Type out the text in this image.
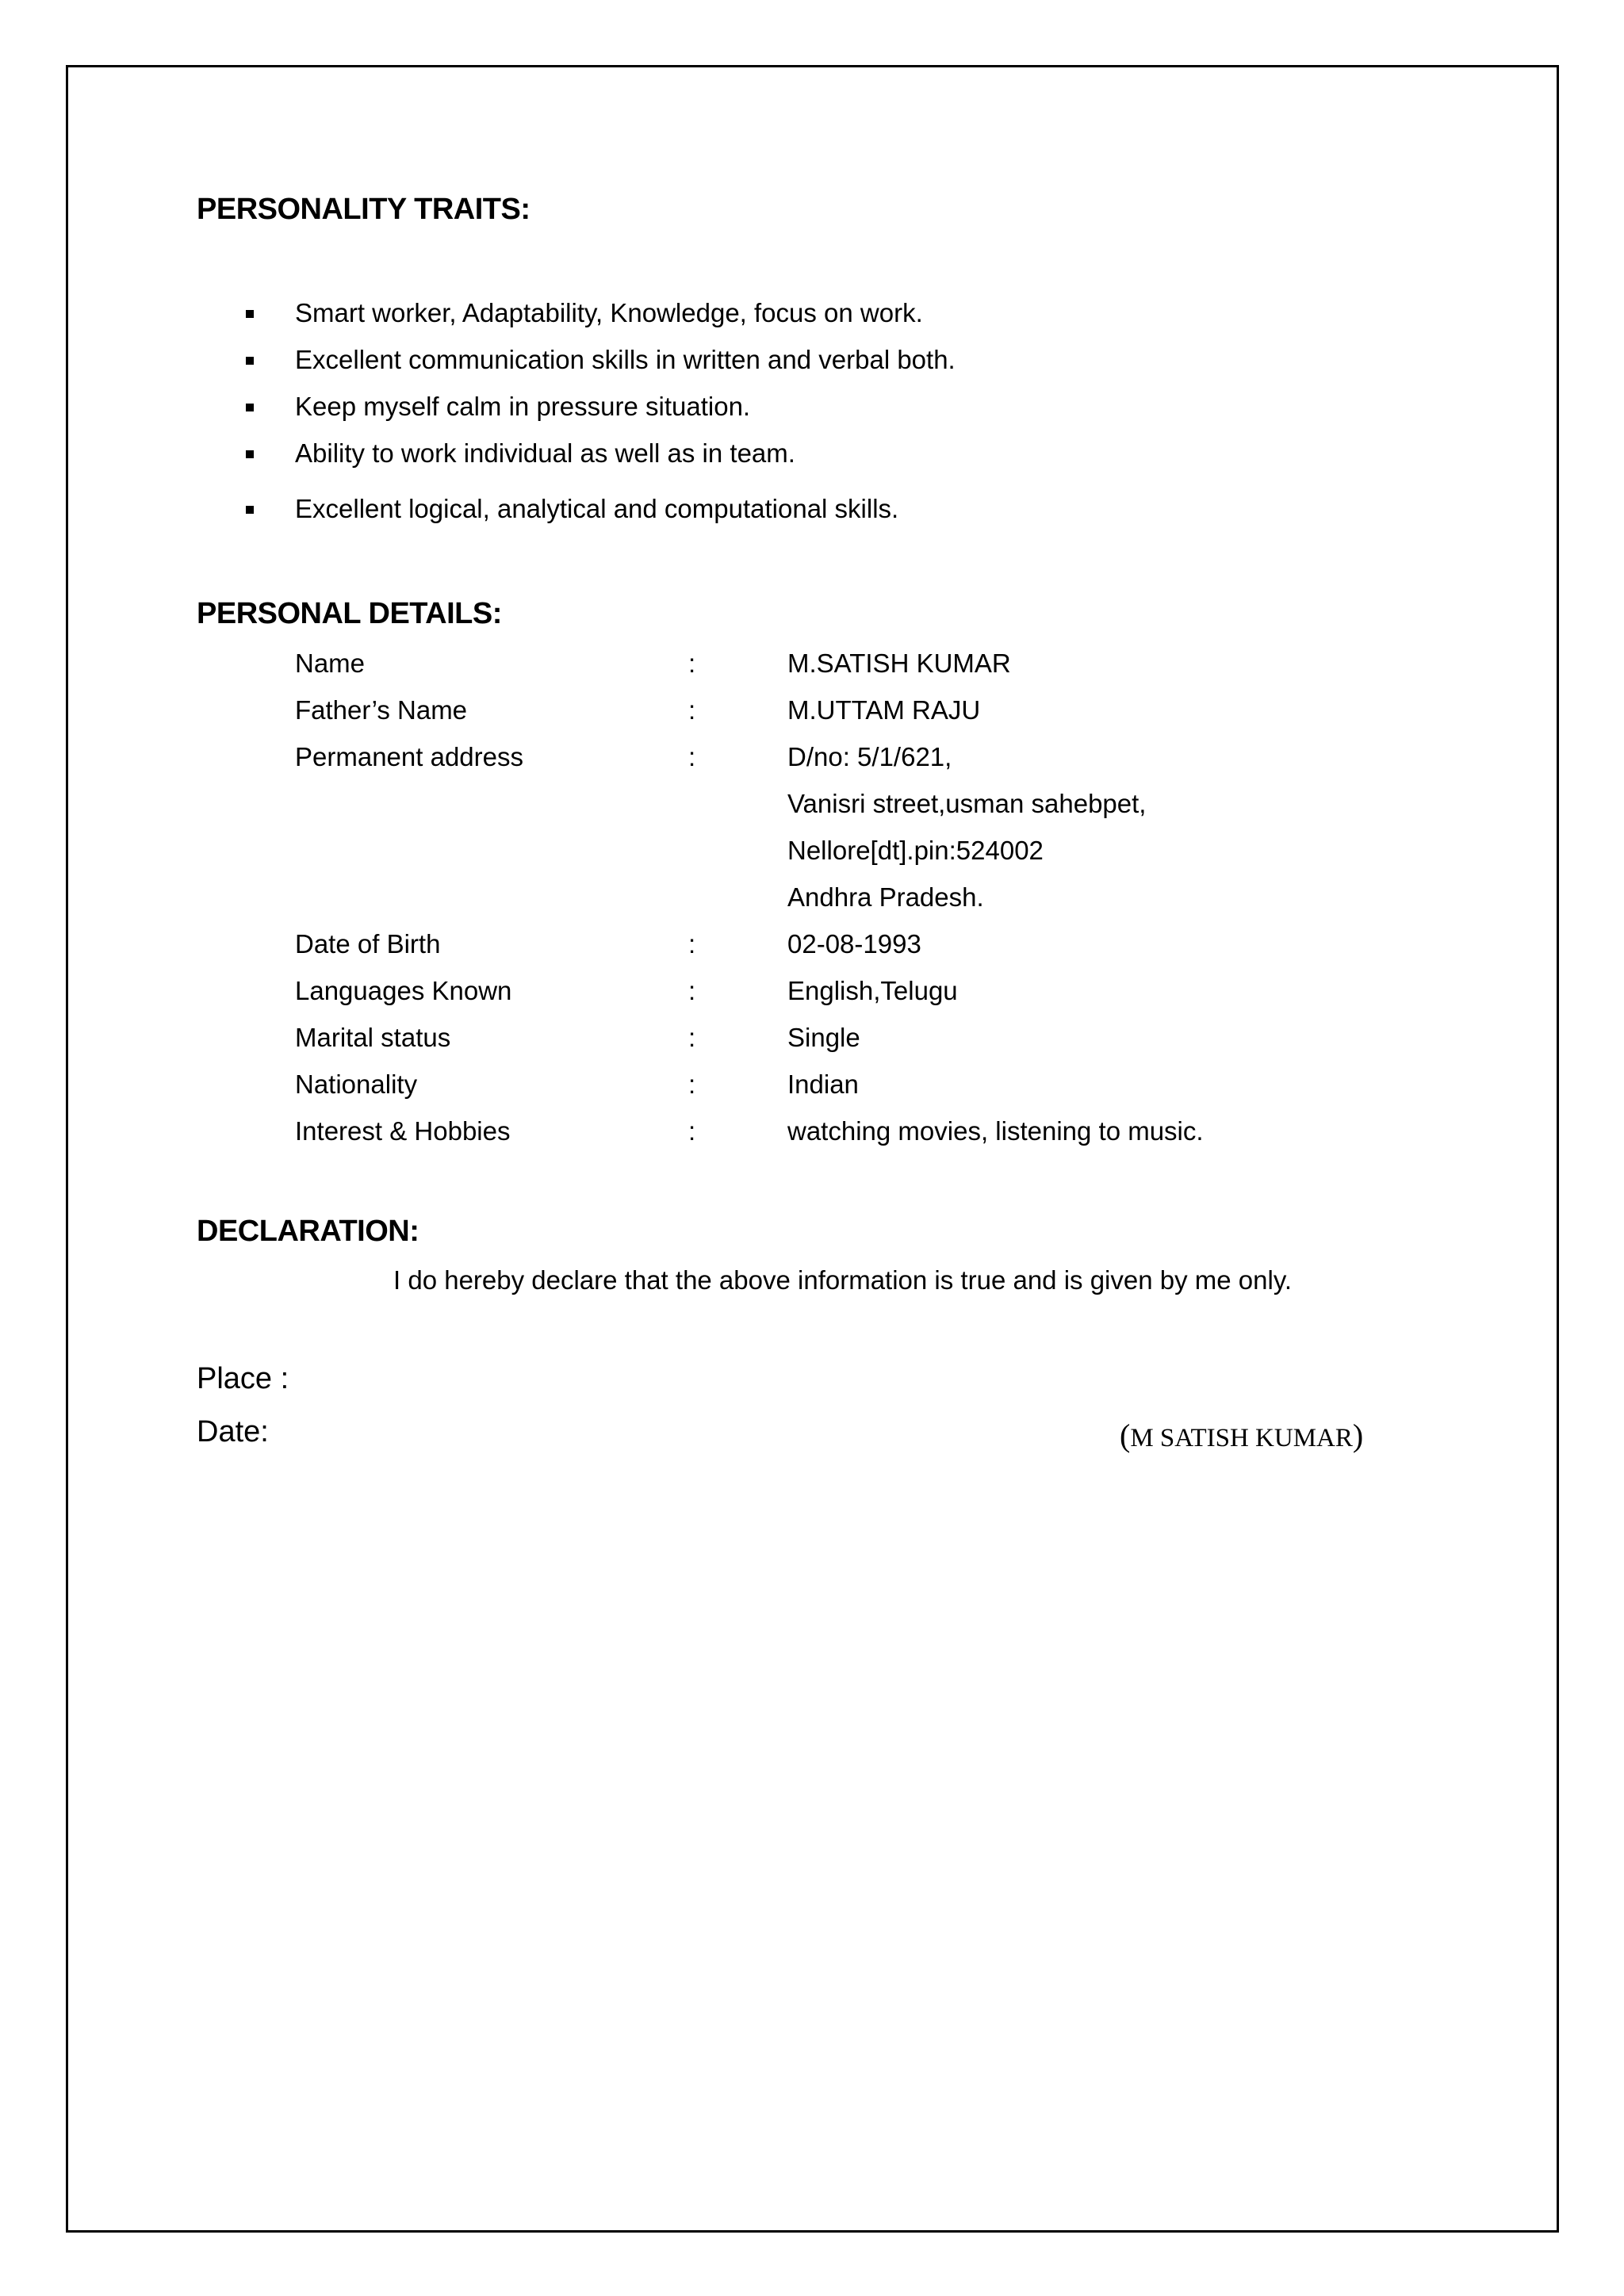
PERSONALITY TRAITS:
Smart worker, Adaptability, Knowledge, focus on work.
Excellent communication skills in written and verbal both.
Keep myself calm in pressure situation.
Ability to work individual as well as in team.
Excellent logical, analytical and computational skills.
PERSONAL DETAILS:
Name	:	M.SATISH KUMAR
Father’s Name	:	M.UTTAM RAJU
Permanent address	:	D/no: 5/1/621,
Vanisri street,usman sahebpet,
Nellore[dt].pin:524002
Andhra Pradesh.
Date of Birth	:	02-08-1993
Languages Known	:	English,Telugu
Marital status	:	Single
Nationality	:	Indian
Interest & Hobbies	:	watching movies, listening to music.
DECLARATION:

I do hereby declare that the above information is true and is given by me only.

Place :
Date:	(M SATISH KUMAR)
